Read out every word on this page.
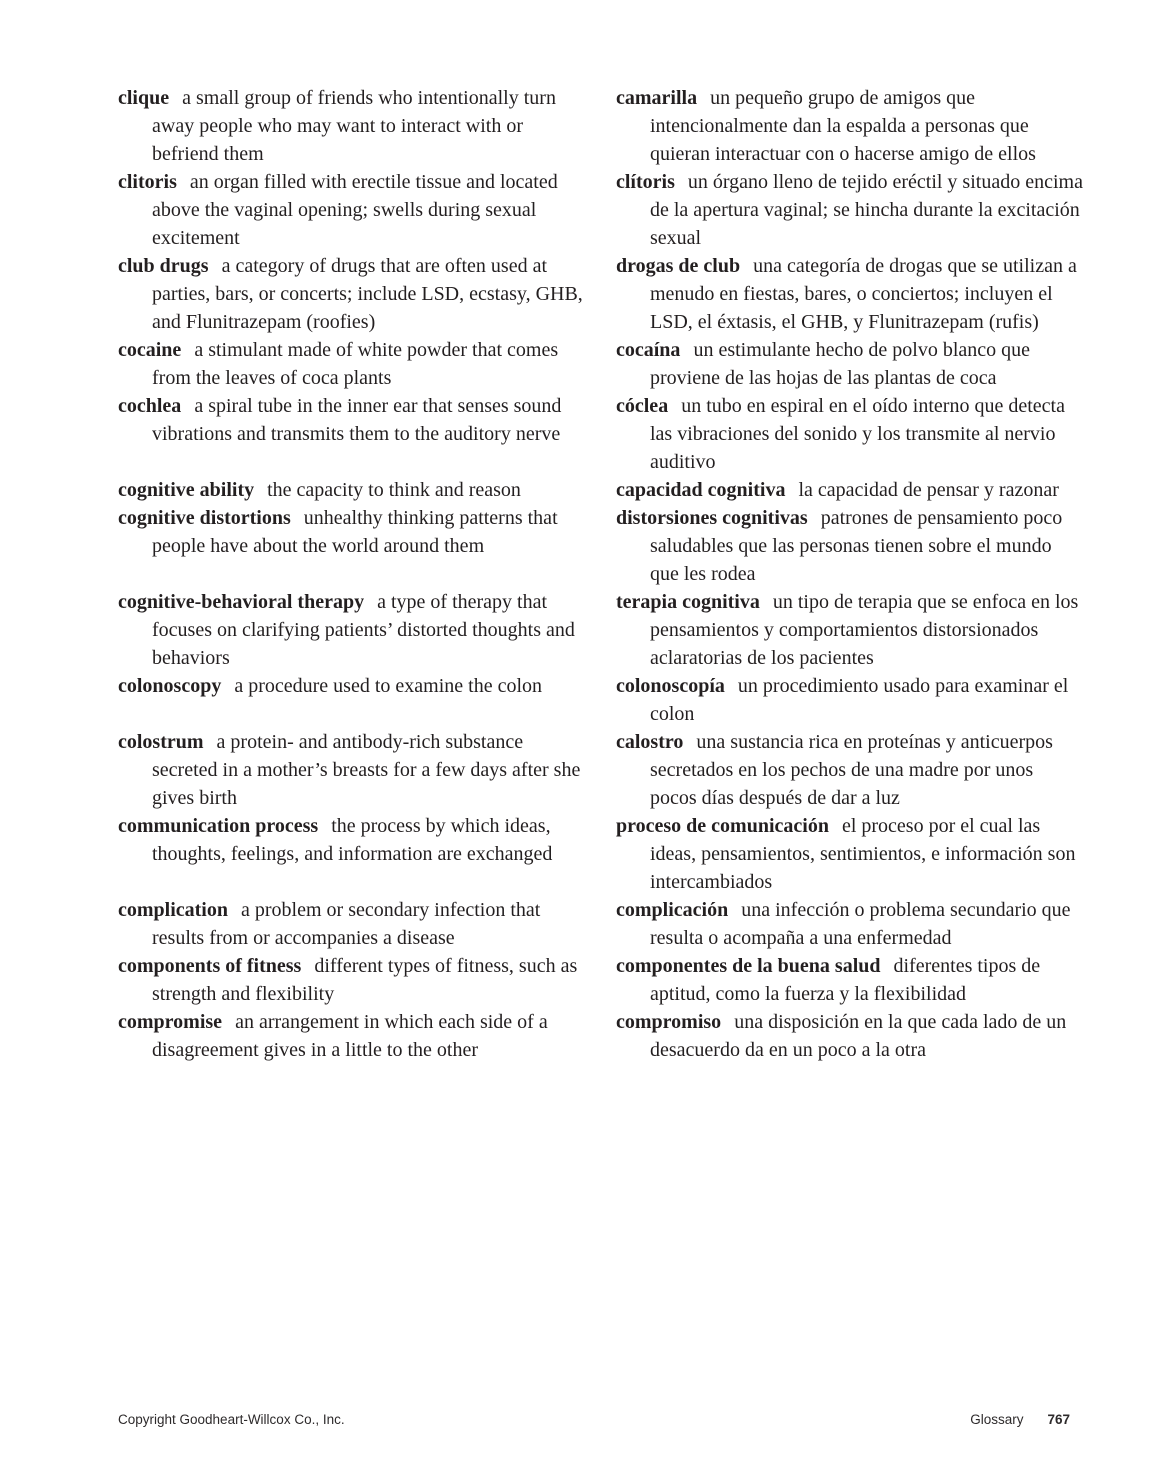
clique a small group of friends who intentionally turn away people who may want to interact with or befriend them

camarilla un pequeño grupo de amigos que intencionalmente dan la espalda a personas que quieran interactuar con o hacerse amigo de ellos

clitoris an organ filled with erectile tissue and located above the vaginal opening; swells during sexual excitement

clítoris un órgano lleno de tejido eréctil y situado encima de la apertura vaginal; se hincha durante la excitación sexual

club drugs a category of drugs that are often used at parties, bars, or concerts; include LSD, ecstasy, GHB, and Flunitrazepam (roofies)

drogas de club una categoría de drogas que se utilizan a menudo en fiestas, bares, o conciertos; incluyen el LSD, el éxtasis, el GHB, y Flunitrazepam (rufis)

cocaine a stimulant made of white powder that comes from the leaves of coca plants

cocaína un estimulante hecho de polvo blanco que proviene de las hojas de las plantas de coca

cochlea a spiral tube in the inner ear that senses sound vibrations and transmits them to the auditory nerve

cóclea un tubo en espiral en el oído interno que detecta las vibraciones del sonido y los transmite al nervio auditivo

cognitive ability the capacity to think and reason	capacidad cognitiva la capacidad de pensar y razonar

cognitive distortions unhealthy thinking patterns that people have about the world around them

distorsiones cognitivas patrones de pensamiento poco saludables que las personas tienen sobre el mundo que les rodea

cognitive-behavioral therapy a type of therapy that focuses on clarifying patients’ distorted thoughts and behaviors

terapia cognitiva un tipo de terapia que se enfoca en los pensamientos y comportamientos distorsionados aclaratorias de los pacientes

colonoscopy a procedure used to examine the colon	colonoscopía un procedimiento usado para examinar el colon

colostrum a protein- and antibody-rich substance secreted in a mother’s breasts for a few days after she gives birth

calostro una sustancia rica en proteínas y anticuerpos secretados en los pechos de una madre por unos pocos días después de dar a luz

communication process the process by which ideas, thoughts, feelings, and information are exchanged

proceso de comunicación el proceso por el cual las ideas, pensamientos, sentimientos, e información son intercambiados

complication a problem or secondary infection that results from or accompanies a disease

complicación una infección o problema secundario que resulta o acompaña a una enfermedad

components of fitness different types of fitness, such as strength and flexibility

componentes de la buena salud diferentes tipos de aptitud, como la fuerza y la flexibilidad

compromise an arrangement in which each side of a disagreement gives in a little to the other

compromiso una disposición en la que cada lado de un desacuerdo da en un poco a la otra

Copyright Goodheart-Willcox Co., Inc.	Glossary 767
